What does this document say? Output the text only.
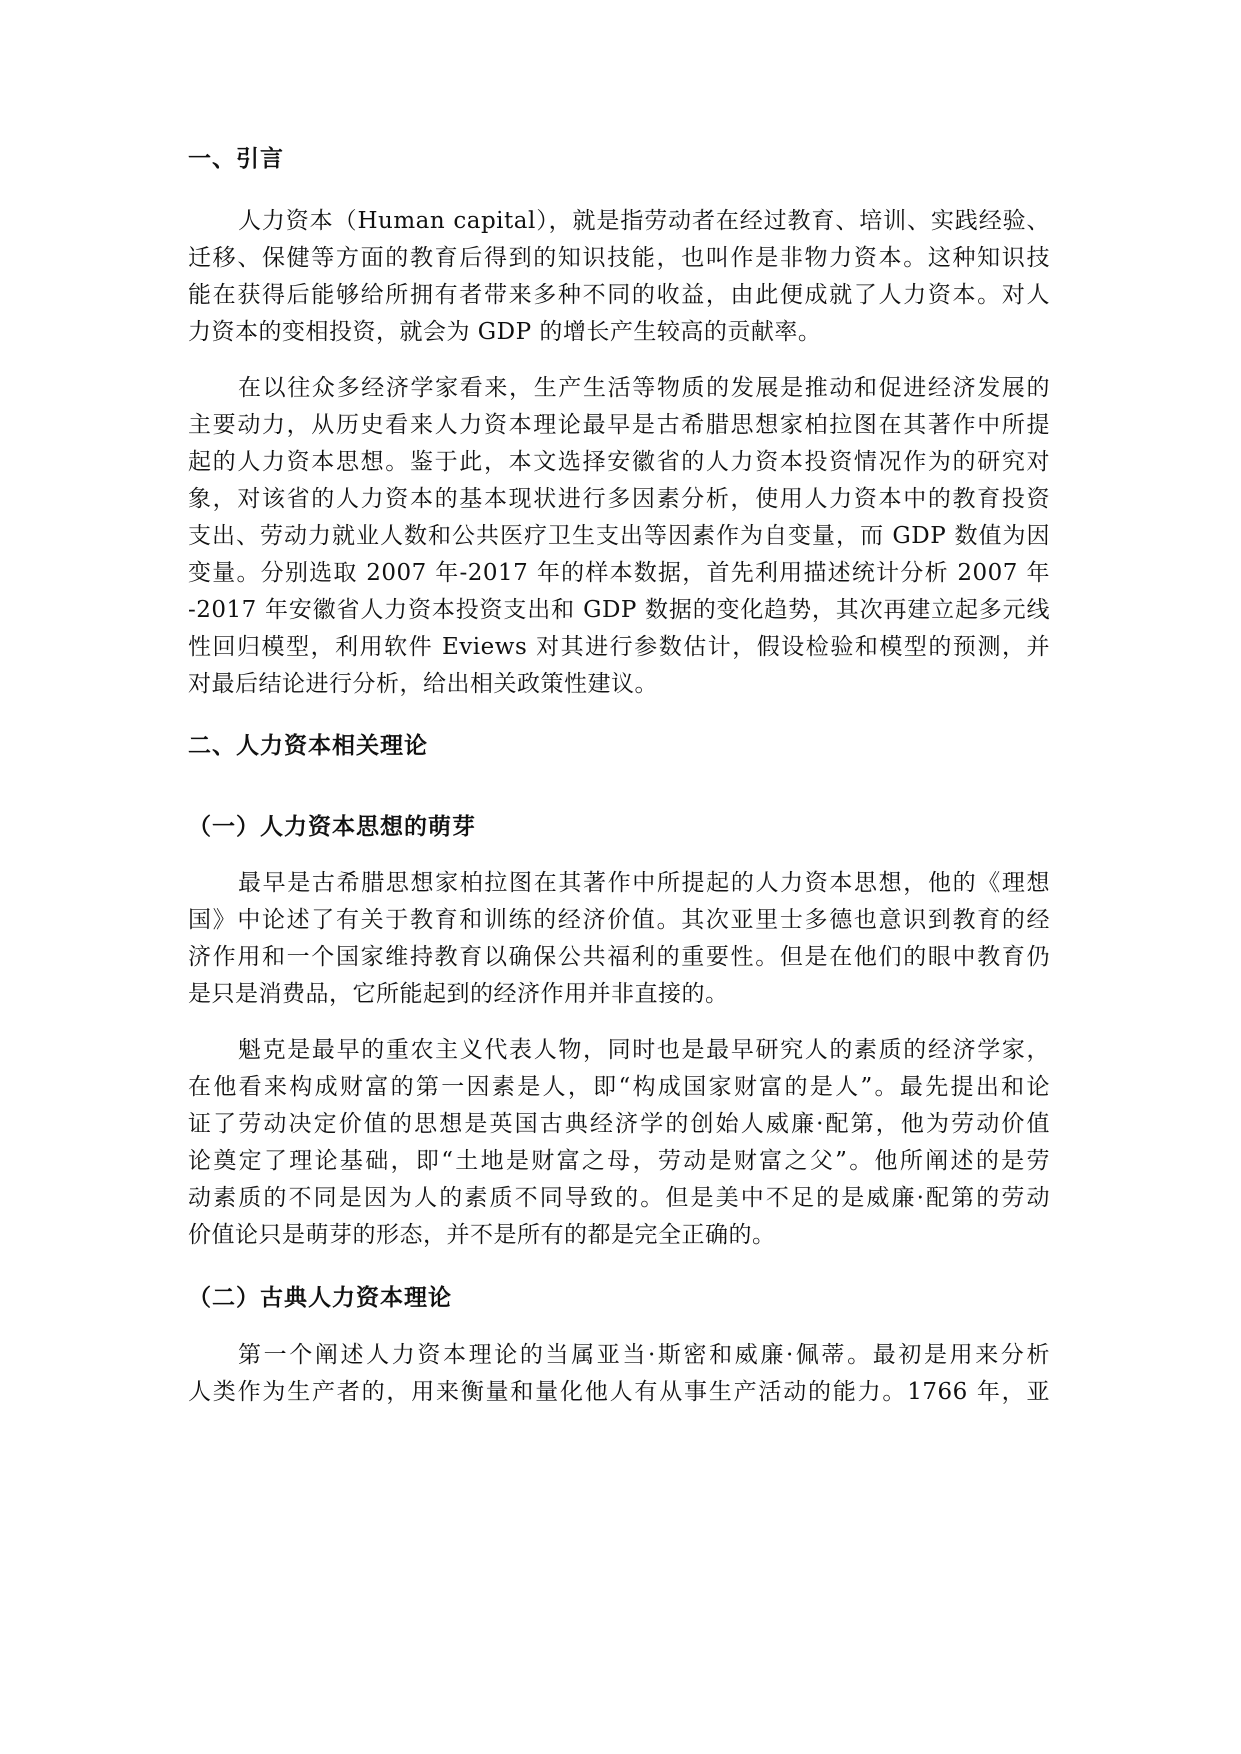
一、引言
人力资本（Human capital），就是指劳动者在经过教育、培训、实践经验、
迁移、保健等方面的教育后得到的知识技能，也叫作是非物力资本。这种知识技
能在获得后能够给所拥有者带来多种不同的收益，由此便成就了人力资本。对人
力资本的变相投资，就会为 GDP 的增长产生较高的贡献率。
在以往众多经济学家看来，生产生活等物质的发展是推动和促进经济发展的
主要动力，从历史看来人力资本理论最早是古希腊思想家柏拉图在其著作中所提
起的人力资本思想。鉴于此，本文选择安徽省的人力资本投资情况作为的研究对
象，对该省的人力资本的基本现状进行多因素分析，使用人力资本中的教育投资
支出、劳动力就业人数和公共医疗卫生支出等因素作为自变量，而 GDP 数值为因
变量。分别选取 2007 年-2017 年的样本数据，首先利用描述统计分析 2007 年
-2017 年安徽省人力资本投资支出和 GDP 数据的变化趋势，其次再建立起多元线
性回归模型，利用软件 Eviews 对其进行参数估计，假设检验和模型的预测，并
对最后结论进行分析，给出相关政策性建议。
二、人力资本相关理论
（一）人力资本思想的萌芽
最早是古希腊思想家柏拉图在其著作中所提起的人力资本思想，他的《理想
国》中论述了有关于教育和训练的经济价值。其次亚里士多德也意识到教育的经
济作用和一个国家维持教育以确保公共福利的重要性。但是在他们的眼中教育仍
是只是消费品，它所能起到的经济作用并非直接的。
魁克是最早的重农主义代表人物，同时也是最早研究人的素质的经济学家，
在他看来构成财富的第一因素是人，即“构成国家财富的是人”。最先提出和论
证了劳动决定价值的思想是英国古典经济学的创始人威廉·配第，他为劳动价值
论奠定了理论基础，即“土地是财富之母，劳动是财富之父”。他所阐述的是劳
动素质的不同是因为人的素质不同导致的。但是美中不足的是威廉·配第的劳动
价值论只是萌芽的形态，并不是所有的都是完全正确的。
（二）古典人力资本理论
第一个阐述人力资本理论的当属亚当·斯密和威廉·佩蒂。最初是用来分析
人类作为生产者的，用来衡量和量化他人有从事生产活动的能力。1766 年，亚
